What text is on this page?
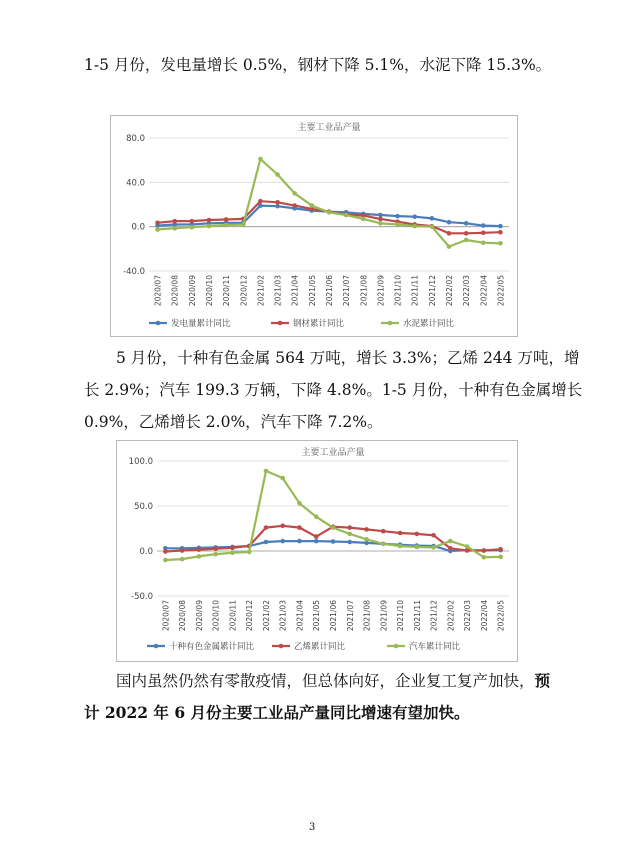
1-5 月份，发电量增长 0.5%，钢材下降 5.1%，水泥下降 15.3%。
主要工业品产量
80.0
40.0
0.0
-40.0
2020/07 2020/08 2020/09 2020/10 2020/11 2020/12 2021/02 2021/03 2021/04 2021/05 2021/06 2021/07 2021/08 2021/09 2021/10 2021/11 2021/12 2022/02 2022/03 2022/04 2022/05
发电量累计同比	钢材累计同比	水泥累计同比
5 月份，十种有色金属 564 万吨，增长 3.3%；乙烯 244 万吨，增
长 2.9%；汽车 199.3 万辆，下降 4.8%。1-5 月份，十种有色金属增长
0.9%，乙烯增长 2.0%，汽车下降 7.2%。
主要工业品产量
100.0
50.0
0.0
-50.0
2020/07 2020/08 2020/09 2020/10 2020/11 2020/12 2021/02 2021/03 2021/04 2021/05 2021/06 2021/07 2021/08 2021/09 2021/10 2021/11 2021/12 2022/02 2022/03 2022/04 2022/05
十种有色金属累计同比	乙烯累计同比	汽车累计同比
国内虽然仍然有零散疫情，但总体向好，企业复工复产加快，预
计 2022 年 6 月份主要工业品产量同比增速有望加快。
3
